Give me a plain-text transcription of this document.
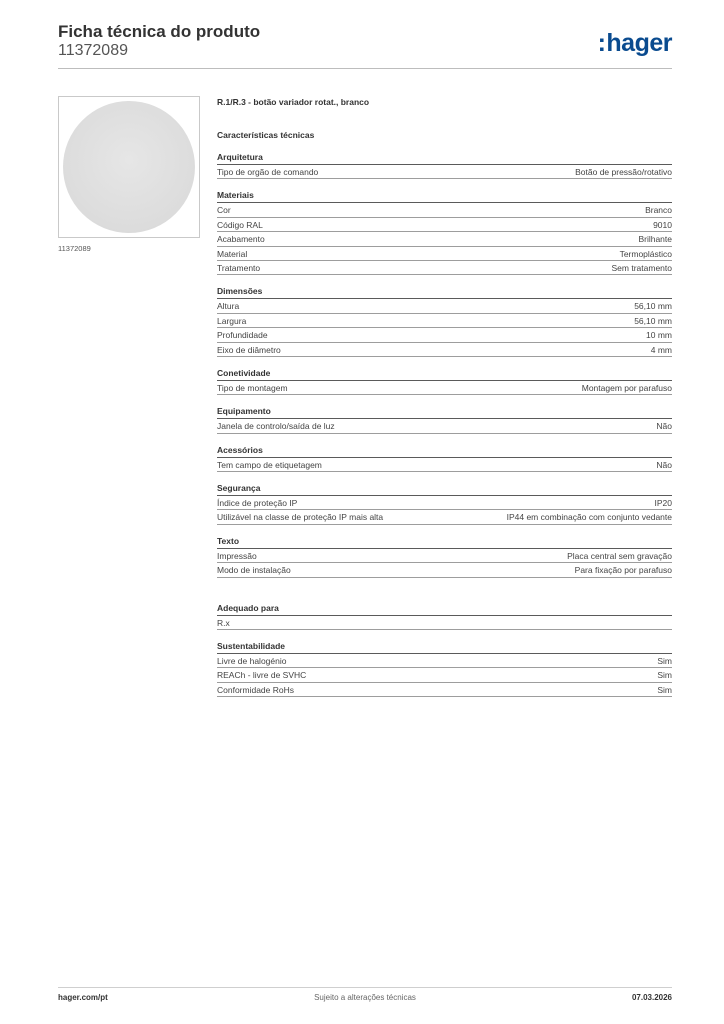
Ficha técnica do produto
11372089	:hager
11372089
R.1/R.3 - botão variador rotat., branco
Características técnicas
Arquitetura
Tipo de orgão de comando	Botão de pressão/rotativo
Materiais
Cor	Branco
Código RAL	9010
Acabamento	Brilhante
Material	Termoplástico
Tratamento	Sem tratamento
Dimensões
Altura	56,10 mm
Largura	56,10 mm
Profundidade	10 mm
Eixo de diâmetro	4 mm
Conetividade
Tipo de montagem	Montagem por parafuso
Equipamento
Janela de controlo/saída de luz	Não
Acessórios
Tem campo de etiquetagem	Não
Segurança
Índice de proteção IP	IP20
Utilizável na classe de proteção IP mais alta	IP44 em combinação com conjunto vedante
Texto
Impressão	Placa central sem gravação
Modo de instalação	Para fixação por parafuso
Adequado para
R.x
Sustentabilidade
Livre de halogénio	Sim
REACh - livre de SVHC	Sim
Conformidade RoHs	Sim
hager.com/pt	Sujeito a alterações técnicas	07.03.2026
